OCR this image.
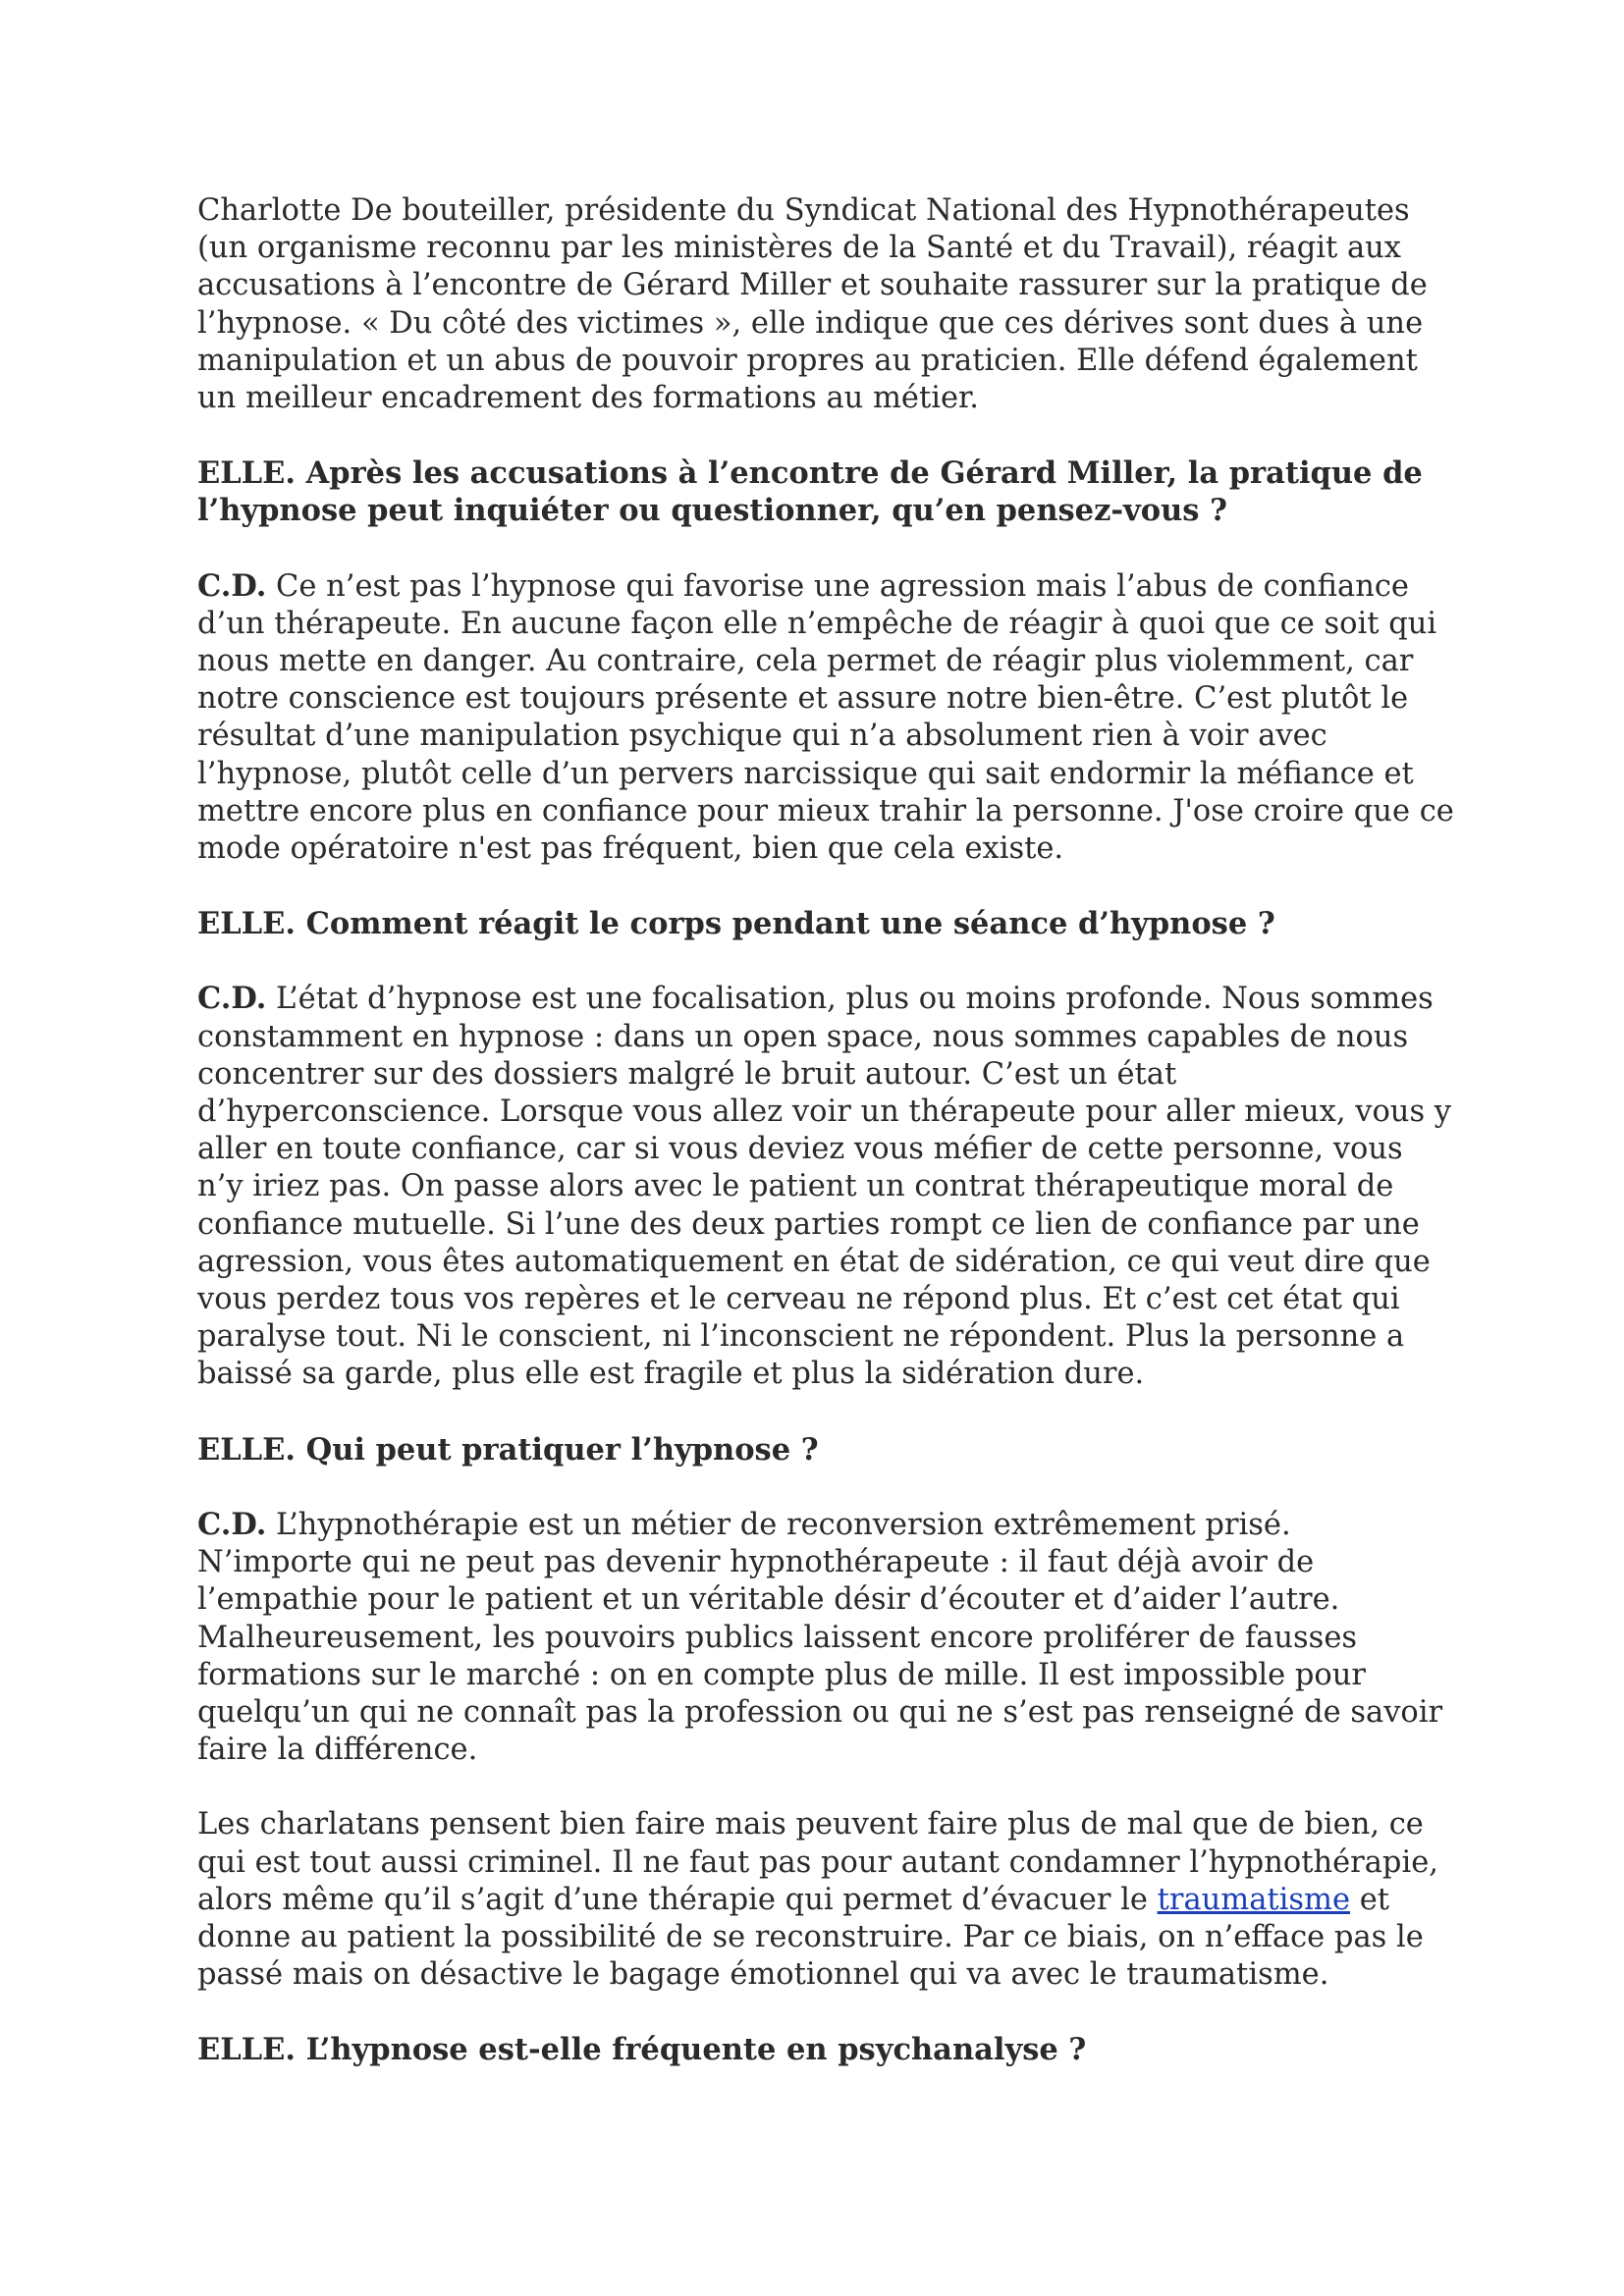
Charlotte De bouteiller, présidente du Syndicat National des Hypnothérapeutes (un organisme reconnu par les ministères de la Santé et du Travail), réagit aux accusations à l’encontre de Gérard Miller et souhaite rassurer sur la pratique de l’hypnose. « Du côté des victimes », elle indique que ces dérives sont dues à une manipulation et un abus de pouvoir propres au praticien. Elle défend également un meilleur encadrement des formations au métier.

ELLE. Après les accusations à l’encontre de Gérard Miller, la pratique de l’hypnose peut inquiéter ou questionner, qu’en pensez-vous ?

C.D. Ce n’est pas l’hypnose qui favorise une agression mais l’abus de confiance d’un thérapeute. En aucune façon elle n’empêche de réagir à quoi que ce soit qui nous mette en danger. Au contraire, cela permet de réagir plus violemment, car notre conscience est toujours présente et assure notre bien-être. C’est plutôt le résultat d’une manipulation psychique qui n’a absolument rien à voir avec l’hypnose, plutôt celle d’un pervers narcissique qui sait endormir la méfiance et mettre encore plus en confiance pour mieux trahir la personne. J'ose croire que ce mode opératoire n'est pas fréquent, bien que cela existe.

ELLE. Comment réagit le corps pendant une séance d’hypnose ?

C.D. L’état d’hypnose est une focalisation, plus ou moins profonde. Nous sommes constamment en hypnose : dans un open space, nous sommes capables de nous concentrer sur des dossiers malgré le bruit autour. C’est un état d’hyperconscience. Lorsque vous allez voir un thérapeute pour aller mieux, vous y aller en toute confiance, car si vous deviez vous méfier de cette personne, vous n’y iriez pas. On passe alors avec le patient un contrat thérapeutique moral de confiance mutuelle. Si l’une des deux parties rompt ce lien de confiance par une agression, vous êtes automatiquement en état de sidération, ce qui veut dire que vous perdez tous vos repères et le cerveau ne répond plus. Et c’est cet état qui paralyse tout. Ni le conscient, ni l’inconscient ne répondent. Plus la personne a baissé sa garde, plus elle est fragile et plus la sidération dure.

ELLE. Qui peut pratiquer l’hypnose ?

C.D. L’hypnothérapie est un métier de reconversion extrêmement prisé. N’importe qui ne peut pas devenir hypnothérapeute : il faut déjà avoir de l’empathie pour le patient et un véritable désir d’écouter et d’aider l’autre. Malheureusement, les pouvoirs publics laissent encore proliférer de fausses formations sur le marché : on en compte plus de mille. Il est impossible pour quelqu’un qui ne connaît pas la profession ou qui ne s’est pas renseigné de savoir faire la différence.

Les charlatans pensent bien faire mais peuvent faire plus de mal que de bien, ce qui est tout aussi criminel. Il ne faut pas pour autant condamner l’hypnothérapie, alors même qu’il s’agit d’une thérapie qui permet d’évacuer le traumatisme et donne au patient la possibilité de se reconstruire. Par ce biais, on n’efface pas le passé mais on désactive le bagage émotionnel qui va avec le traumatisme.

ELLE. L’hypnose est-elle fréquente en psychanalyse ?
